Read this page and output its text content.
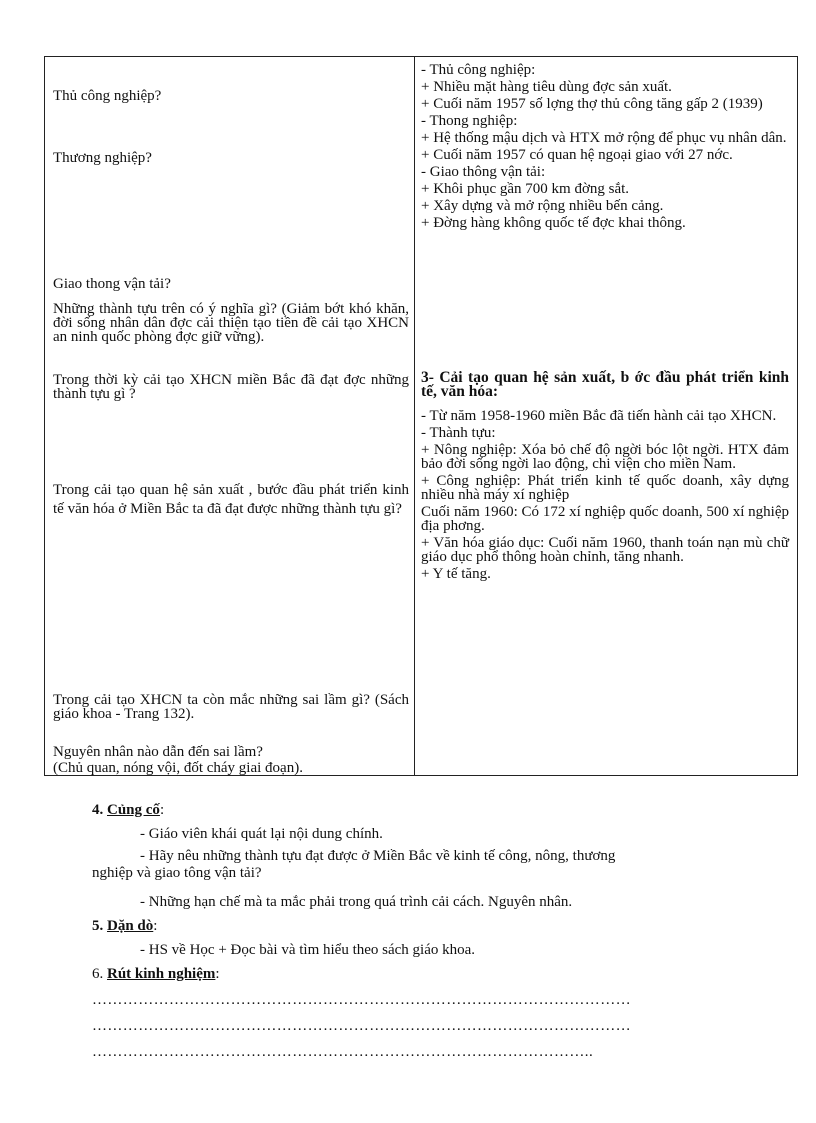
Thủ công nghiệp?

Thương nghiệp?

Giao thong vận tải?

Những thành tựu trên có ý nghĩa gì? (Giảm bớt khó khăn, đời sống nhân dân đợc cải thiện tạo tiền đề cải tạo XHCN an ninh quốc phòng đợc giữ vững).

Trong thời kỳ cải tạo XHCN miền Bắc đã đạt đợc những thành tựu gì ?

Trong cải tạo quan hệ sản xuất , bước đầu phát triển kinh tế văn hóa ở Miền Bắc ta đã đạt được những thành tựu gì?

Trong cải tạo XHCN ta còn mắc những sai lầm gì? (Sách giáo khoa - Trang 132).

Nguyên nhân nào dẫn đến sai lầm?

(Chủ quan, nóng vội, đốt cháy giai đoạn).

- Thủ công nghiệp:

+ Nhiều mặt hàng tiêu dùng đợc sản xuất.

+ Cuối năm 1957 số lợng thợ thủ công tăng gấp 2 (1939)

- Thong nghiệp:

+ Hệ thống mậu dịch và HTX mở rộng để phục vụ nhân dân.

+ Cuối năm 1957 có quan hệ ngoại giao với 27 nớc.

- Giao thông vận tải:

+ Khôi phục gần 700 km đờng sắt.

+ Xây dựng và mở rộng nhiều bến cảng.

+ Đờng hàng không quốc tế đợc khai thông.

3- Cải tạo quan hệ sản xuất, b ớc đầu phát triển kinh tế, văn hóa:

- Từ năm 1958-1960 miền Bắc đã tiến hành cải tạo XHCN.

- Thành tựu:

+ Nông nghiệp: Xóa bỏ chế độ ngời bóc lột ngời. HTX đảm bảo đời sống ngời lao động, chi viện cho miền Nam.

+ Công nghiệp: Phát triển kinh tế quốc doanh, xây dựng nhiều nhà máy xí nghiệp

Cuối năm 1960: Có 172 xí nghiệp quốc doanh, 500 xí nghiệp địa phơng.

+ Văn hóa giáo dục: Cuối năm 1960, thanh toán nạn mù chữ giáo dục phổ thông hoàn chỉnh, tăng nhanh.

+ Y tế tăng.

4. Củng cố:

- Giáo viên khái quát lại nội dung chính.

- Hãy nêu những thành tựu đạt được ở Miền Bắc về kinh tế công, nông, thương

nghiệp và giao tông vận tải?

- Những hạn chế mà ta mắc phải trong quá trình cải cách. Nguyên nhân.

5. Dặn dò:

- HS về Học + Đọc bài và tìm hiểu theo sách giáo khoa.

6. Rút kinh nghiệm:

……………………………………………………………………………………………
……………………………………………………………………………………………
……………………………………………………………………………………..
